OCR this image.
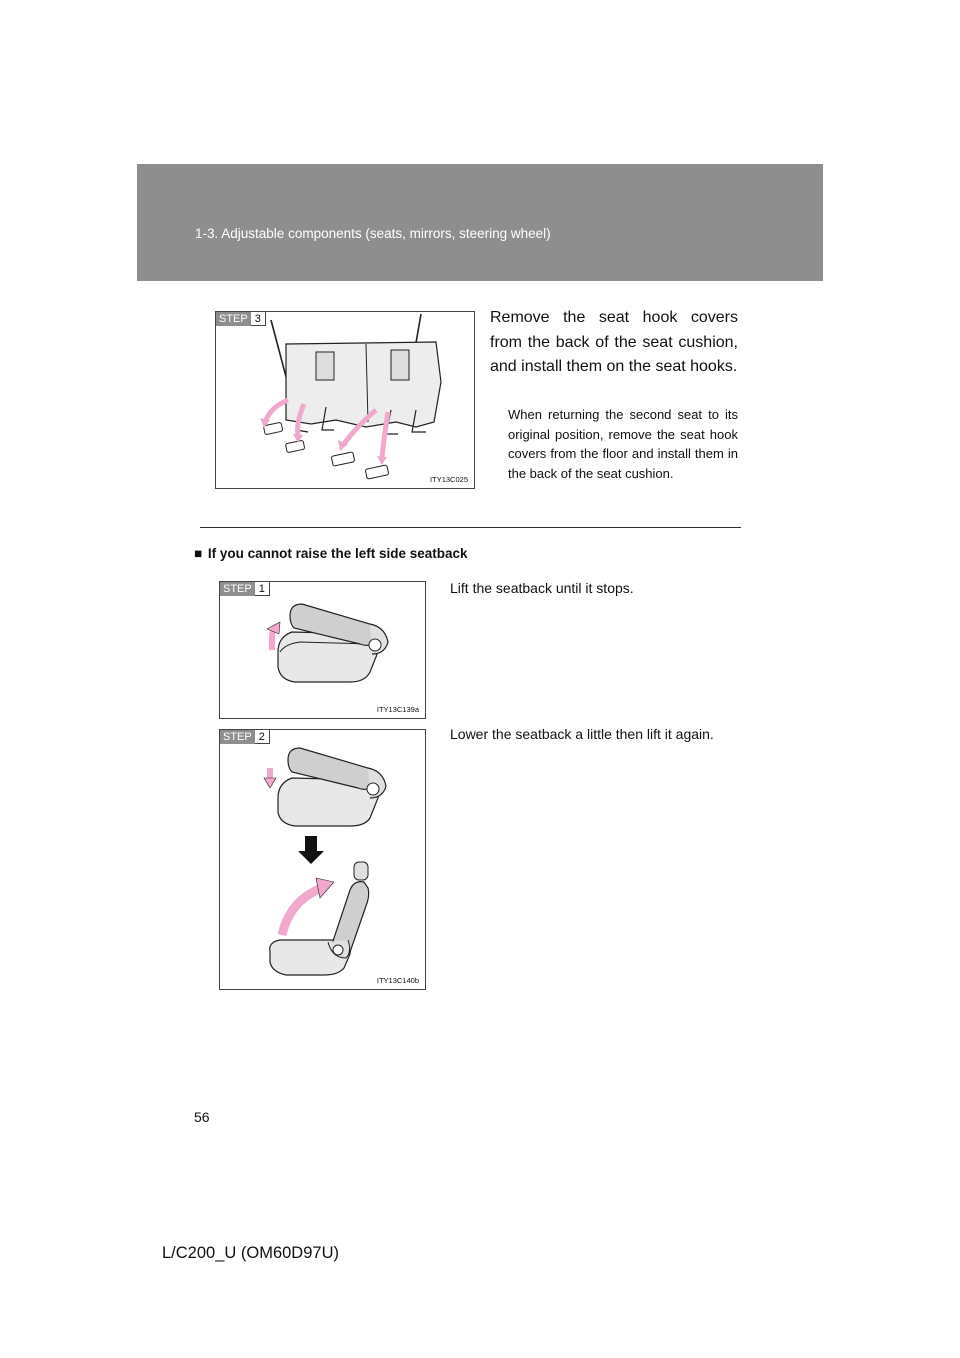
1-3. Adjustable components (seats, mirrors, steering wheel)
STEP 3
ITY13C025
Remove the seat hook covers from the back of the seat cushion, and install them on the seat hooks.
When returning the second seat to its original position, remove the seat hook covers from the floor and install them in the back of the seat cushion.
■ If you cannot raise the left side seatback
STEP 1
ITY13C139a
Lift the seatback until it stops.
STEP 2
ITY13C140b
Lower the seatback a little then lift it again.
56
L/C200_U (OM60D97U)
